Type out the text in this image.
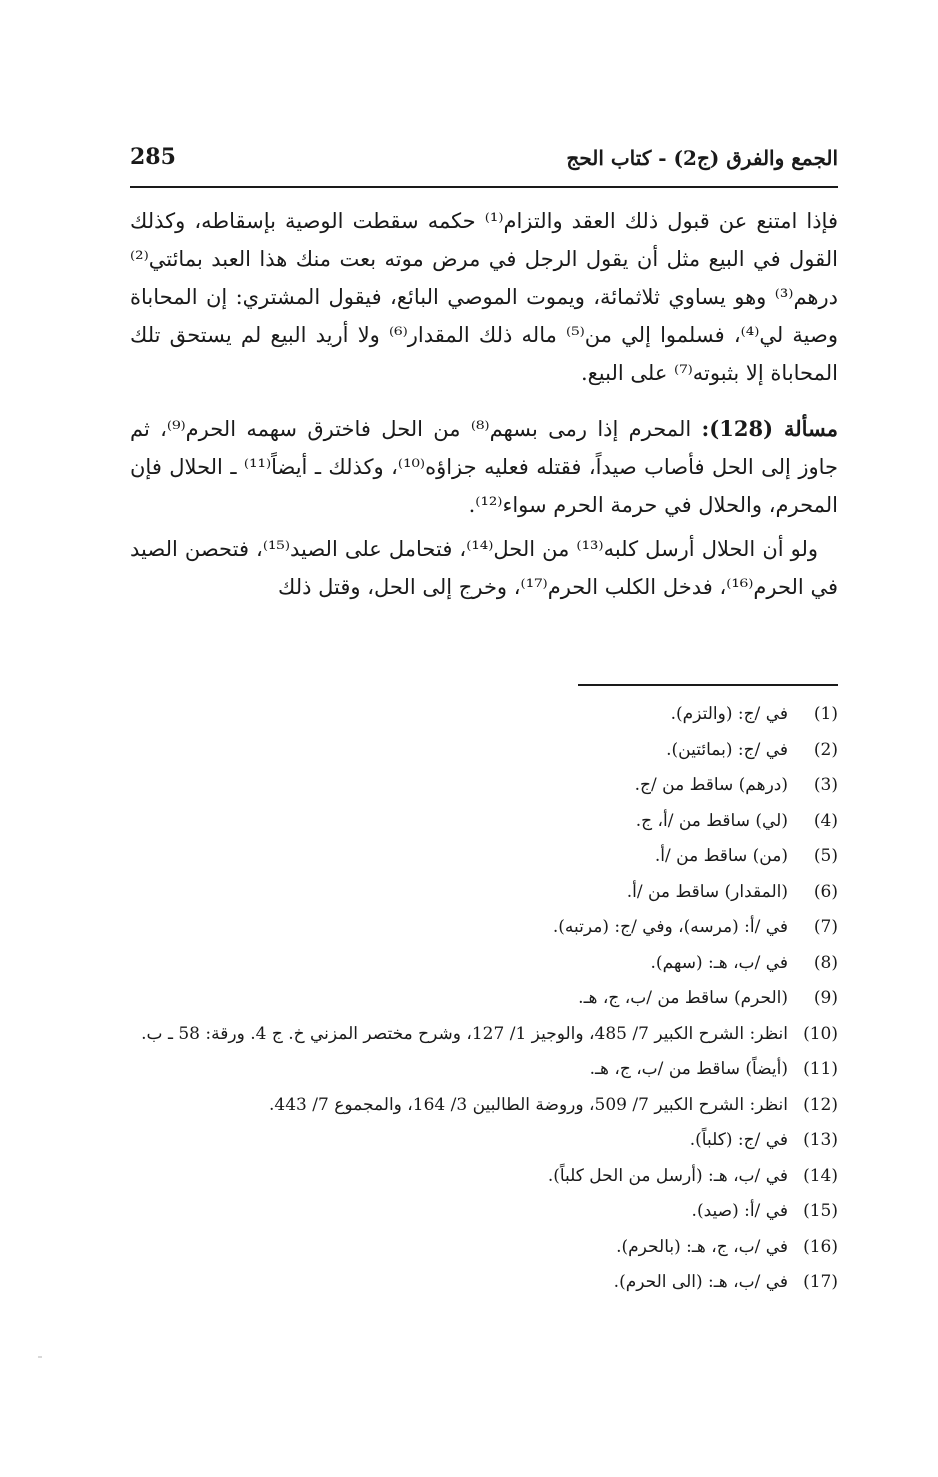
الجمع والفرق (ج2) - كتاب الحج
285

فإذا امتنع عن قبول ذلك العقد والتزام⁽¹⁾ حكمه سقطت الوصية بإسقاطه، وكذلك القول في البيع مثل أن يقول الرجل في مرض موته بعت منك هذا العبد بمائتي⁽²⁾ درهم⁽³⁾ وهو يساوي ثلاثمائة، ويموت الموصي البائع، فيقول المشتري: إن المحاباة وصية لي⁽⁴⁾، فسلموا إلي من⁽⁵⁾ ماله ذلك المقدار⁽⁶⁾ ولا أريد البيع لم يستحق تلك المحاباة إلا بثبوته⁽⁷⁾ على البيع.

مسألة (128): المحرم إذا رمى بسهم⁽⁸⁾ من الحل فاخترق سهمه الحرم⁽⁹⁾، ثم جاوز إلى الحل فأصاب صيداً، فقتله فعليه جزاؤه⁽¹⁰⁾، وكذلك ـ أيضاً⁽¹¹⁾ ـ الحلال فإن المحرم، والحلال في حرمة الحرم سواء⁽¹²⁾.

ولو أن الحلال أرسل كلبه⁽¹³⁾ من الحل⁽¹⁴⁾، فتحامل على الصيد⁽¹⁵⁾، فتحصن الصيد في الحرم⁽¹⁶⁾، فدخل الكلب الحرم⁽¹⁷⁾، وخرج إلى الحل، وقتل ذلك

(1)
في /ج: (والتزم).
(2)
في /ج: (بمائتين).
(3)
(درهم) ساقط من /ج.
(4)
(لي) ساقط من /أ، ج.
(5)
(من) ساقط من /أ.
(6)
(المقدار) ساقط من /أ.
(7)
في /أ: (مرسه)، وفي /ج: (مرتبه).
(8)
في /ب، هـ: (سهم).
(9)
(الحرم) ساقط من /ب، ج، هـ.
(10)
انظر: الشرح الكبير 7/ 485، والوجيز 1/ 127، وشرح مختصر المزني خ. ج 4. ورقة: 58 ـ ب.
(11)
(أيضاً) ساقط من /ب، ج، هـ.
(12)
انظر: الشرح الكبير 7/ 509، وروضة الطالبين 3/ 164، والمجموع 7/ 443.
(13)
في /ج: (كلباً).
(14)
في /ب، هـ: (أرسل من الحل كلباً).
(15)
في /أ: (صيد).
(16)
في /ب، ج، هـ: (بالحرم).
(17)
في /ب، هـ: (الى الحرم).
